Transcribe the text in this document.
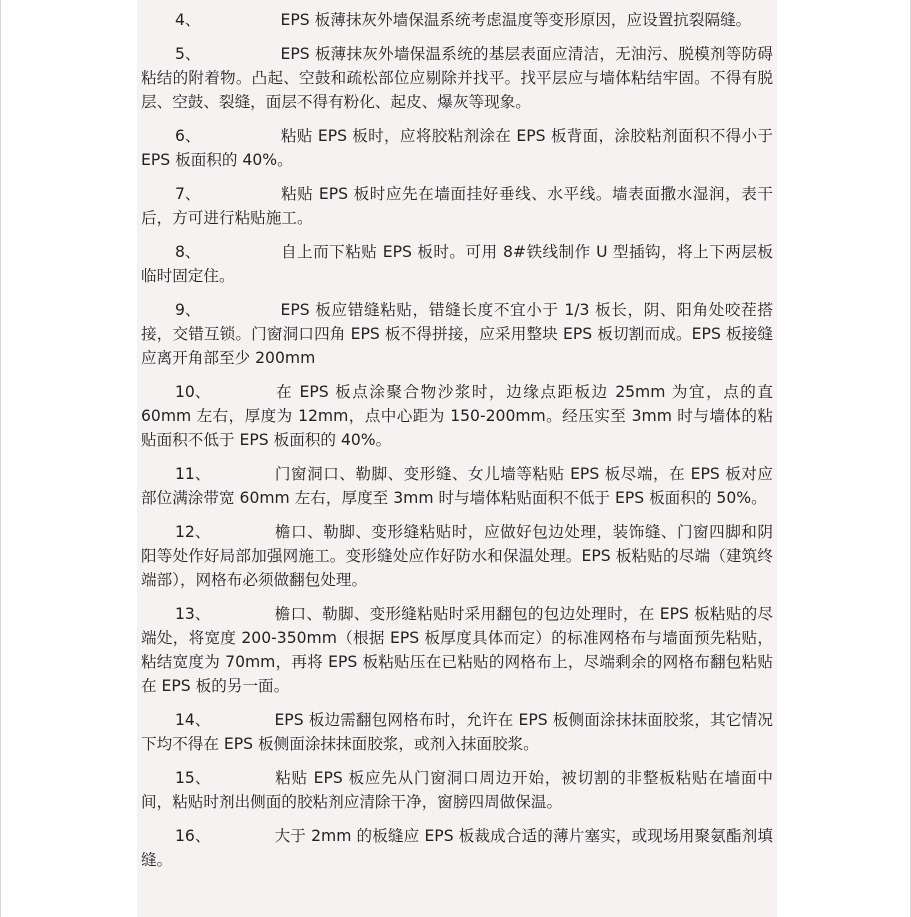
4、	EPS 板薄抹灰外墙保温系统考虑温度等变形原因，应设置抗裂隔缝。

5、	EPS 板薄抹灰外墙保温系统的基层表面应清洁，无油污、脱模剂等防碍粘结的附着物。凸起、空鼓和疏松部位应剔除并找平。找平层应与墙体粘结牢固。不得有脱层、空鼓、裂缝，面层不得有粉化、起皮、爆灰等现象。

6、	粘贴 EPS 板时，应将胶粘剂涂在 EPS 板背面，涂胶粘剂面积不得小于 EPS 板面积的 40%。

7、	粘贴 EPS 板时应先在墙面挂好垂线、水平线。墙表面撒水湿润，表干后，方可进行粘贴施工。

8、	自上而下粘贴 EPS 板时。可用 8#铁线制作 U 型插钩，将上下两层板临时固定住。

9、	EPS 板应错缝粘贴，错缝长度不宜小于 1/3 板长，阴、阳角处咬茬搭接，交错互锁。门窗洞口四角 EPS 板不得拼接，应采用整块 EPS 板切割而成。EPS 板接缝应离开角部至少 200mm

10、	在 EPS 板点涂聚合物沙浆时，边缘点距板边 25mm 为宜，点的直 60mm 左右，厚度为 12mm，点中心距为 150-200mm。经压实至 3mm 时与墙体的粘贴面积不低于 EPS 板面积的 40%。

11、	门窗洞口、勒脚、变形缝、女儿墙等粘贴 EPS 板尽端，在 EPS 板对应部位满涂带宽 60mm 左右，厚度至 3mm 时与墙体粘贴面积不低于 EPS 板面积的 50%。

12、	檐口、勒脚、变形缝粘贴时，应做好包边处理，装饰缝、门窗四脚和阴阳等处作好局部加强网施工。变形缝处应作好防水和保温处理。EPS 板粘贴的尽端（建筑终端部），网格布必须做翻包处理。

13、	檐口、勒脚、变形缝粘贴时采用翻包的包边处理时，在 EPS 板粘贴的尽端处，将宽度 200-350mm（根据 EPS 板厚度具体而定）的标准网格布与墙面预先粘贴，粘结宽度为 70mm，再将 EPS 板粘贴压在已粘贴的网格布上，尽端剩余的网格布翻包粘贴在 EPS 板的另一面。

14、	EPS 板边需翻包网格布时，允许在 EPS 板侧面涂抹抹面胶浆，其它情况下均不得在 EPS 板侧面涂抹抹面胶浆，或剂入抹面胶浆。

15、	粘贴 EPS 板应先从门窗洞口周边开始，被切割的非整板粘贴在墙面中间，粘贴时剂出侧面的胶粘剂应清除干净，窗膀四周做保温。

16、	大于 2mm 的板缝应 EPS 板裁成合适的薄片塞实，或现场用聚氨酯剂填缝。
